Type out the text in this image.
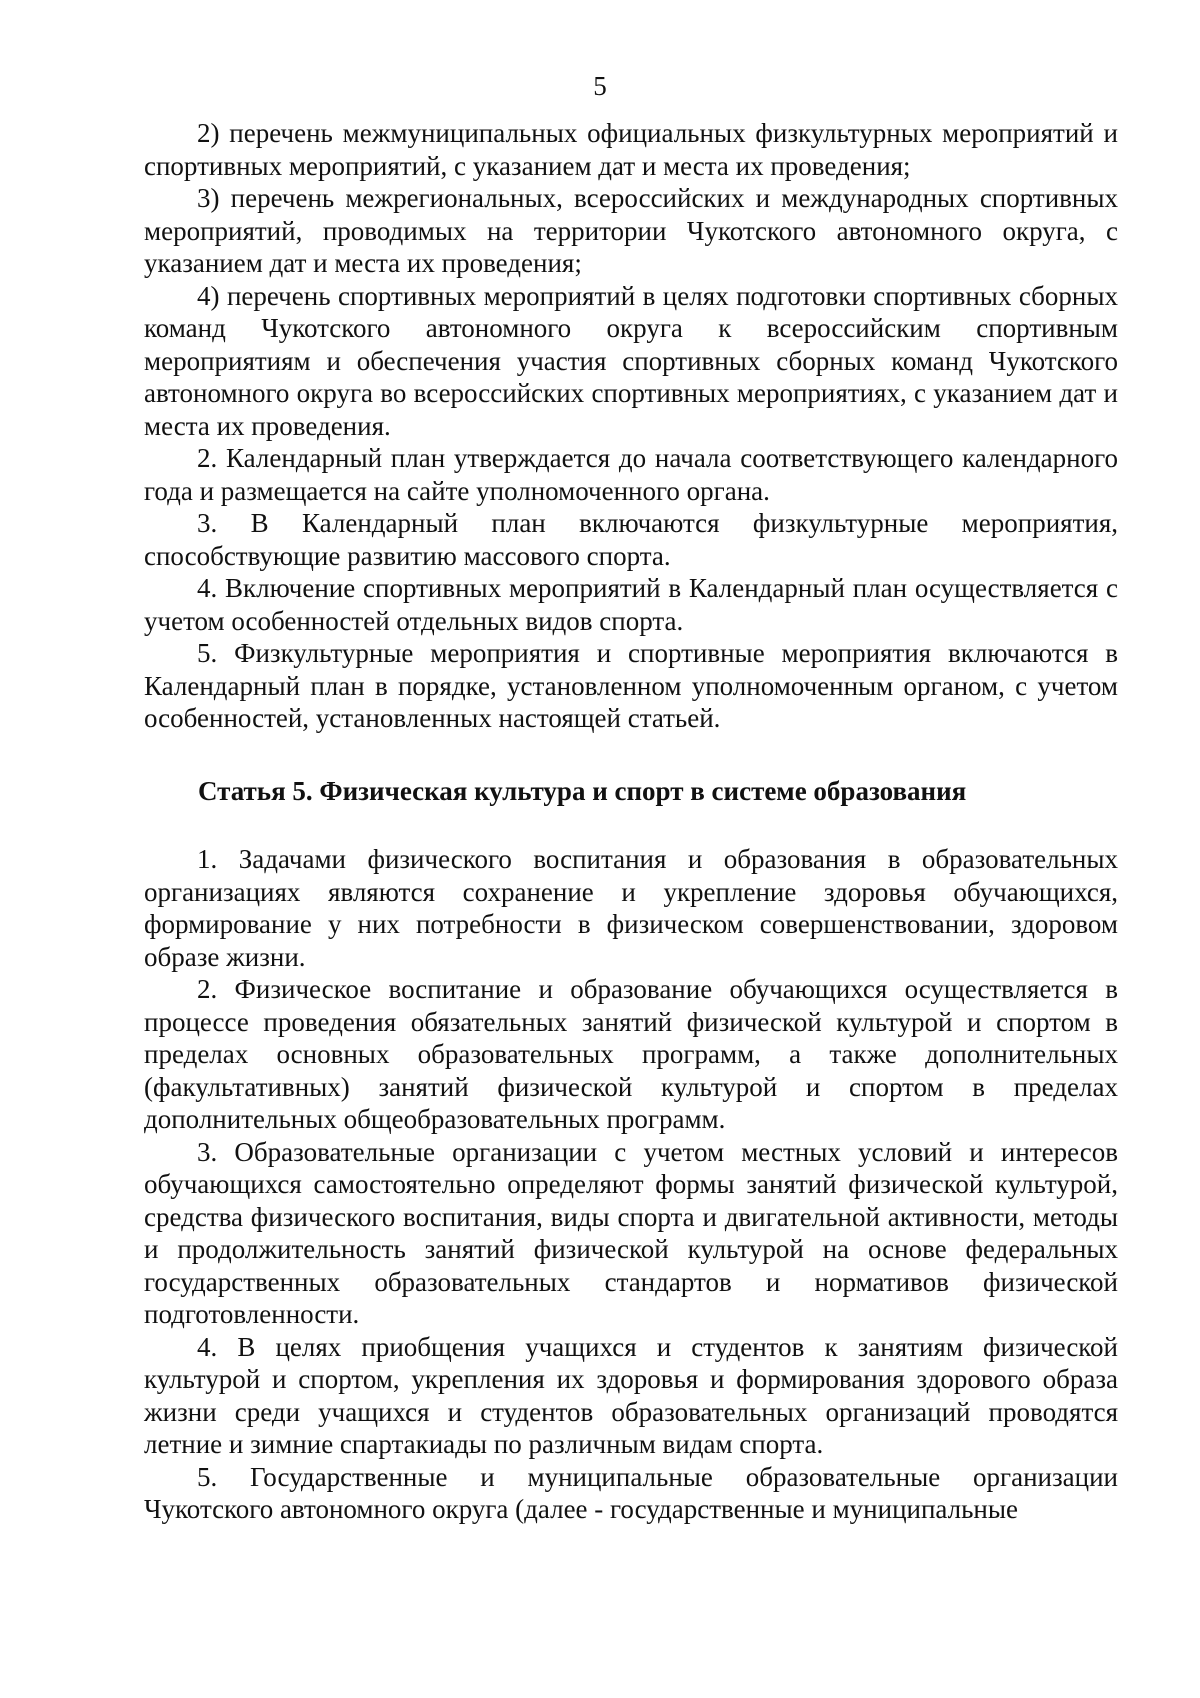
5

2) перечень межмуниципальных официальных физкультурных мероприятий и спортивных мероприятий, с указанием дат и места их проведения;

3) перечень межрегиональных, всероссийских и международных спортивных мероприятий, проводимых на территории Чукотского автономного округа, с указанием дат и места их проведения;

4) перечень спортивных мероприятий в целях подготовки спортивных сборных команд Чукотского автономного округа к всероссийским спортивным мероприятиям и обеспечения участия спортивных сборных команд Чукотского автономного округа во всероссийских спортивных мероприятиях, с указанием дат и места их проведения.

2. Календарный план утверждается до начала соответствующего календарного года и размещается на сайте уполномоченного органа.

3. В Календарный план включаются физкультурные мероприятия, способствующие развитию массового спорта.

4. Включение спортивных мероприятий в Календарный план осуществляется с учетом особенностей отдельных видов спорта.

5. Физкультурные мероприятия и спортивные мероприятия включаются в Календарный план в порядке, установленном уполномоченным органом, с учетом особенностей, установленных настоящей статьей.

Статья 5. Физическая культура и спорт в системе образования

1. Задачами физического воспитания и образования в образовательных организациях являются сохранение и укрепление здоровья обучающихся, формирование у них потребности в физическом совершенствовании, здоровом образе жизни.

2. Физическое воспитание и образование обучающихся осуществляется в процессе проведения обязательных занятий физической культурой и спортом в пределах основных образовательных программ, а также дополнительных (факультативных) занятий физической культурой и спортом в пределах дополнительных общеобразовательных программ.

3. Образовательные организации с учетом местных условий и интересов обучающихся самостоятельно определяют формы занятий физической культурой, средства физического воспитания, виды спорта и двигательной активности, методы и продолжительность занятий физической культурой на основе федеральных государственных образовательных стандартов и нормативов физической подготовленности.

4. В целях приобщения учащихся и студентов к занятиям физической культурой и спортом, укрепления их здоровья и формирования здорового образа жизни среди учащихся и студентов образовательных организаций проводятся летние и зимние спартакиады по различным видам спорта.

5. Государственные и муниципальные образовательные организации Чукотского автономного округа (далее - государственные и муниципальные
